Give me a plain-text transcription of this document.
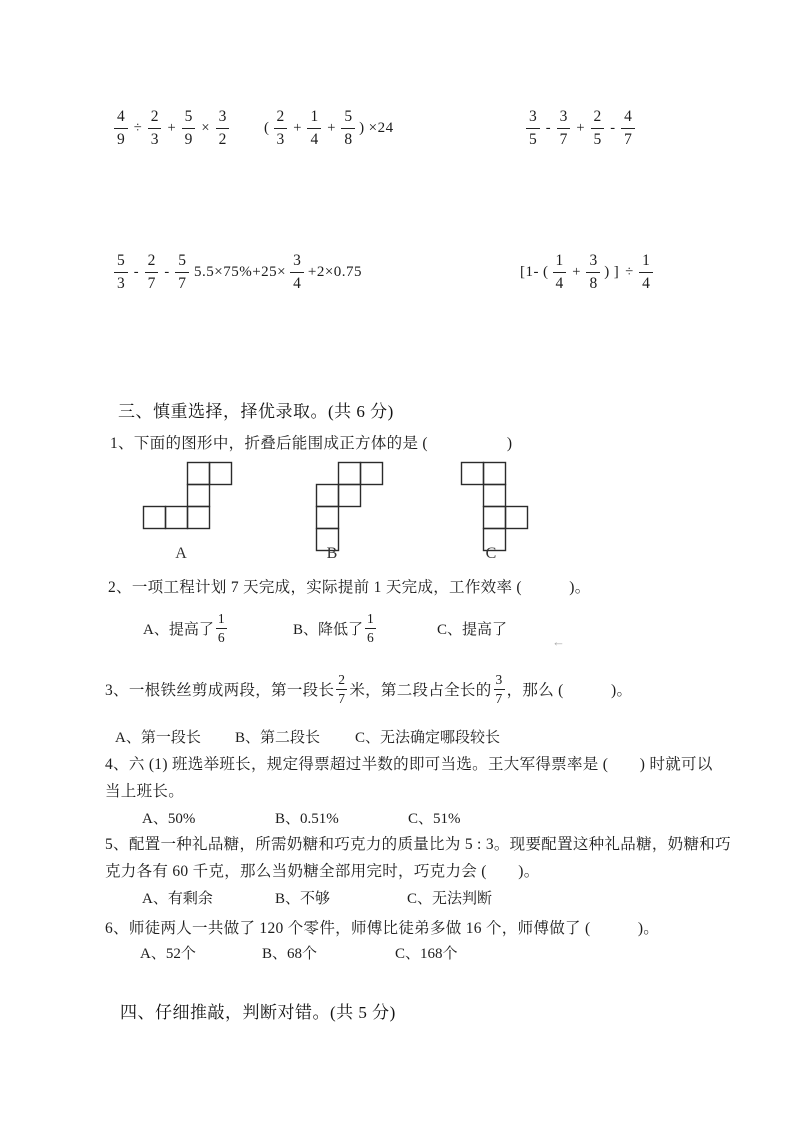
$\frac{4}{9} \div \frac{2}{3} + \frac{5}{9} \times \frac{3}{2}$ ( $\frac{2}{3} + \frac{1}{4} + \frac{5}{8}$ ) ×24	$\frac{3}{5} - \frac{3}{7} + \frac{2}{5} - \frac{4}{7}$
$\frac{5}{3} - \frac{2}{7} - \frac{5}{7} 5.5\times 75\%+25\times \frac{3}{4} +2\times 0.75$	[1- ( $\frac{1}{4} + \frac{3}{8}$ ) ] ÷ $\frac{1}{4}$
三、慎重选择，择优录取。(共 6 分)
1、下面的图形中，折叠后能围成正方体的是 (　　　　　)
A	B	C
2、一项工程计划 7 天完成，实际提前 1 天完成，工作效率 (　　　)。
A、提高了 $\frac{1}{6}$	B、降低了 $\frac{1}{6}$	C、提高了
←
3、一根铁丝剪成两段，第一段长 $\frac{2}{7}$ 米，第二段占全长的 $\frac{3}{7}$ ，那么 (　　　)。
A、第一段长 B、第二段长 C、无法确定哪段较长
4、六 (1) 班选举班长，规定得票超过半数的即可当选。王大军得票率是 (　　) 时就可以
当上班长。
A、50%	B、0.51%	C、51%
5、配置一种礼品糖，所需奶糖和巧克力的质量比为 5 : 3。现要配置这种礼品糖，奶糖和巧
克力各有 60 千克，那么当奶糖全部用完时，巧克力会 (　　)。
A、有剩余	B、不够	C、无法判断
6、师徒两人一共做了 120 个零件，师傅比徒弟多做 16 个，师傅做了 (　　　)。
A、52个	B、68个	C、168个
四、仔细推敲，判断对错。(共 5 分)
